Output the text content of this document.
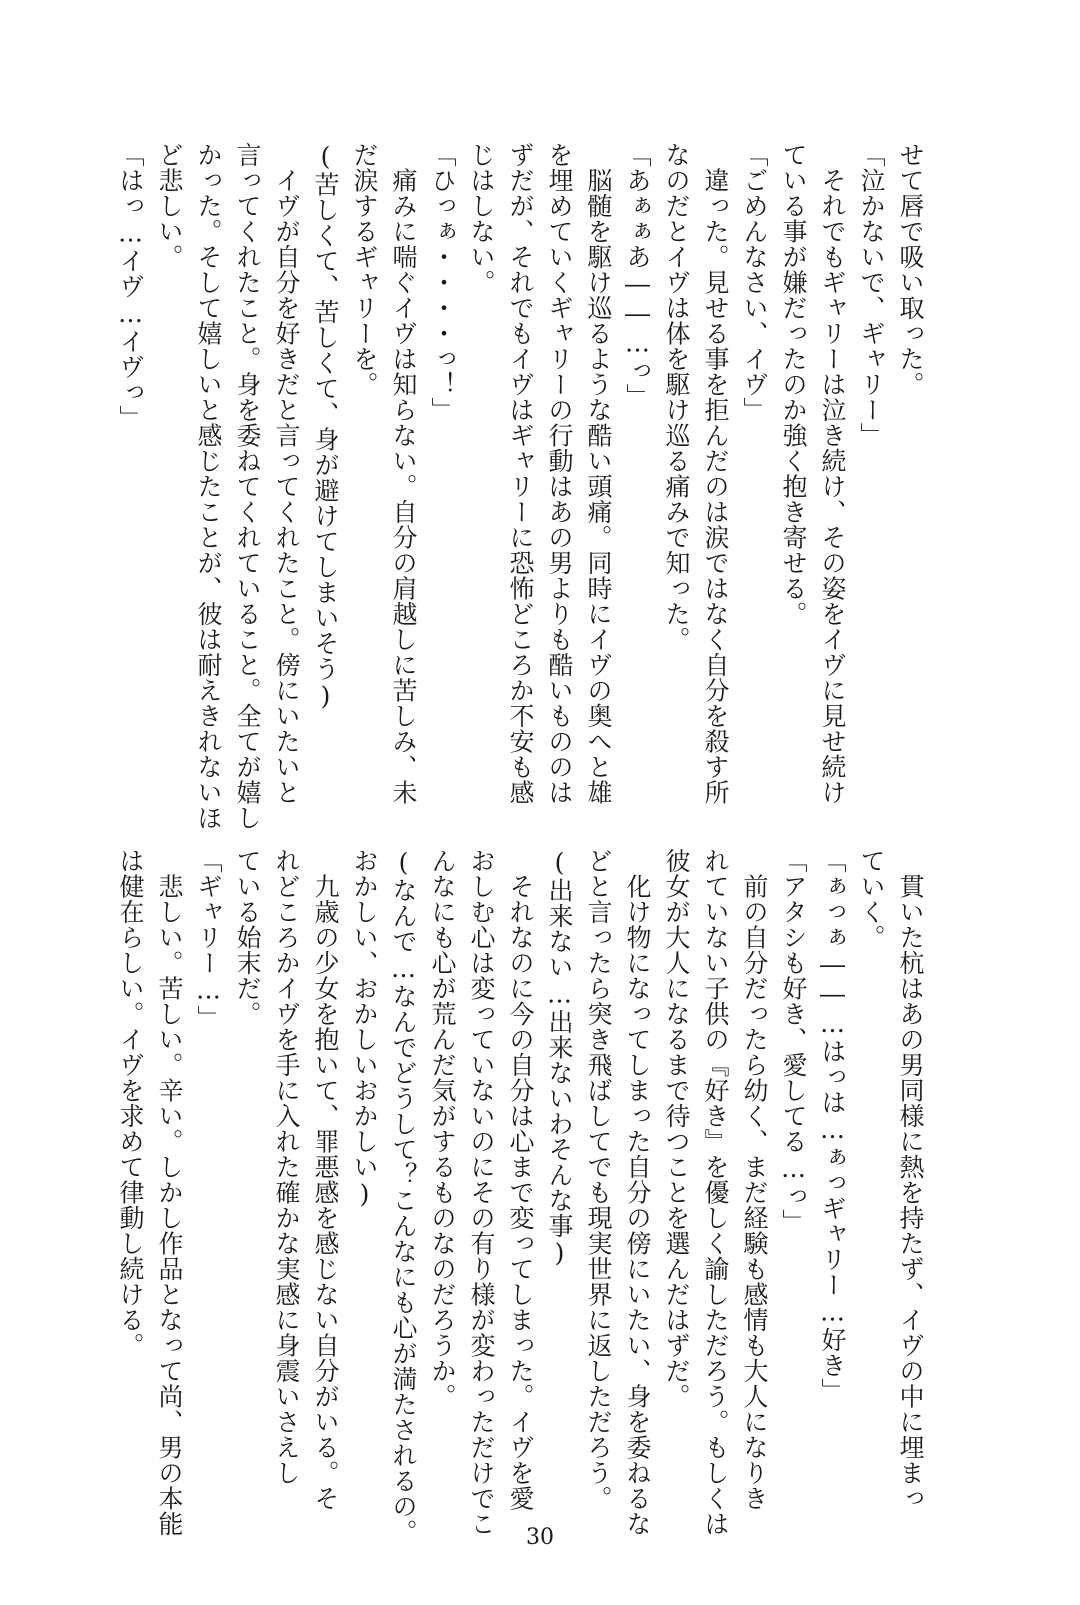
せて唇で吸い取った。
「泣かないで、ギャリー」
　それでもギャリーは泣き続け、その姿をイヴに見せ続け
ている事が嫌だったのか強く抱き寄せる。
「ごめんなさい、イヴ」
　違った。見せる事を拒んだのは涙ではなく自分を殺す所
なのだとイヴは体を駆け巡る痛みで知った。
「あぁぁあ――…っ」
　脳髄を駆け巡るような酷い頭痛。同時にイヴの奥へと雄
を埋めていくギャリーの行動はあの男よりも酷いもののは
ずだが、それでもイヴはギャリーに恐怖どころか不安も感
じはしない。
「ひっぁ・・・・っ！」
　痛みに喘ぐイヴは知らない。自分の肩越しに苦しみ、未
だ涙するギャリーを。
(苦しくて、苦しくて、身が避けてしまいそう)
　イヴが自分を好きだと言ってくれたこと。傍にいたいと
言ってくれたこと。身を委ねてくれていること。全てが嬉し
かった。そして嬉しいと感じたことが、彼は耐えきれないほ
ど悲しい。
「はっ…イヴ…イヴっ」
　貫いた杭はあの男同様に熱を持たず、イヴの中に埋まっ
ていく。
「ぁっぁ――…はっは…ぁっギャリー…好き」
「アタシも好き、愛してる…っ」
　前の自分だったら幼く、まだ経験も感情も大人になりき
れていない子供の『好き』を優しく諭しただろう。もしくは
彼女が大人になるまで待つことを選んだはずだ。
　化け物になってしまった自分の傍にいたい、身を委ねるな
どと言ったら突き飛ばしてでも現実世界に返しただろう。
(出来ない…出来ないわそんな事)
　それなのに今の自分は心まで変ってしまった。イヴを愛
おしむ心は変っていないのにその有り様が変わっただけでこ
んなにも心が荒んだ気がするものなのだろうか。
(なんで…なんでどうして？こんなにも心が満たされるの。
おかしい、おかしいおかしい)
　九歳の少女を抱いて、罪悪感を感じない自分がいる。そ
れどころかイヴを手に入れた確かな実感に身震いさえし
ている始末だ。
「ギャリー…」
　悲しい。苦しい。辛い。しかし作品となって尚、男の本能
は健在らしい。イヴを求めて律動し続ける。
30
